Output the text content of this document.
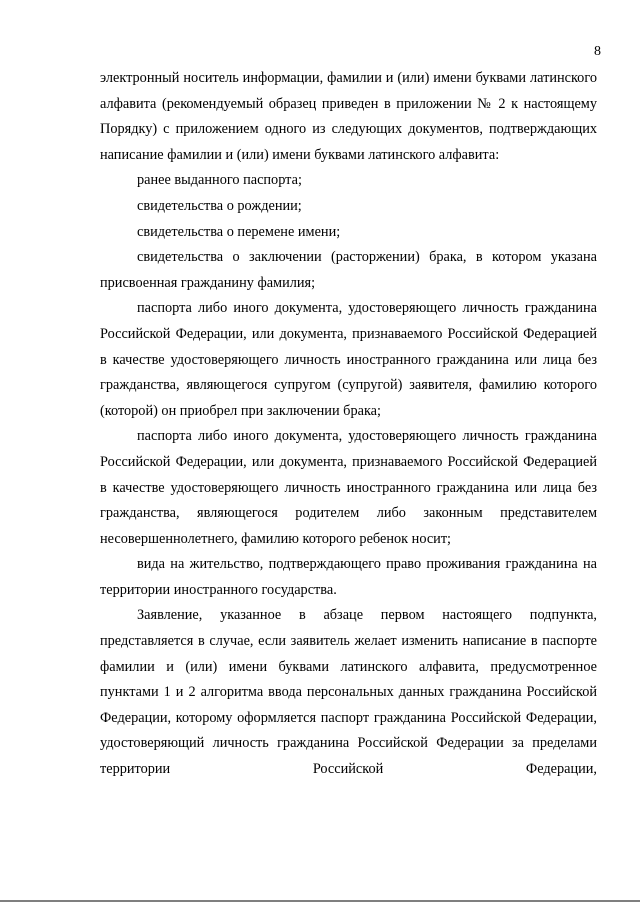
8

электронный носитель информации, фамилии и (или) имени буквами латинского алфавита (рекомендуемый образец приведен в приложении № 2 к настоящему Порядку) с приложением одного из следующих документов, подтверждающих написание фамилии и (или) имени буквами латинского алфавита:

ранее выданного паспорта;

свидетельства о рождении;

свидетельства о перемене имени;

свидетельства о заключении (расторжении) брака, в котором указана присвоенная гражданину фамилия;

паспорта либо иного документа, удостоверяющего личность гражданина Российской Федерации, или документа, признаваемого Российской Федерацией в качестве удостоверяющего личность иностранного гражданина или лица без гражданства, являющегося супругом (супругой) заявителя, фамилию которого (которой) он приобрел при заключении брака;

паспорта либо иного документа, удостоверяющего личность гражданина Российской Федерации, или документа, признаваемого Российской Федерацией в качестве удостоверяющего личность иностранного гражданина или лица без гражданства, являющегося родителем либо законным представителем несовершеннолетнего, фамилию которого ребенок носит;

вида на жительство, подтверждающего право проживания гражданина на территории иностранного государства.

Заявление, указанное в абзаце первом настоящего подпункта, представляется в случае, если заявитель желает изменить написание в паспорте фамилии и (или) имени буквами латинского алфавита, предусмотренное пунктами 1 и 2 алгоритма ввода персональных данных гражданина Российской Федерации, которому оформляется паспорт гражданина Российской Федерации, удостоверяющий личность гражданина Российской Федерации за пределами территории Российской Федерации,
